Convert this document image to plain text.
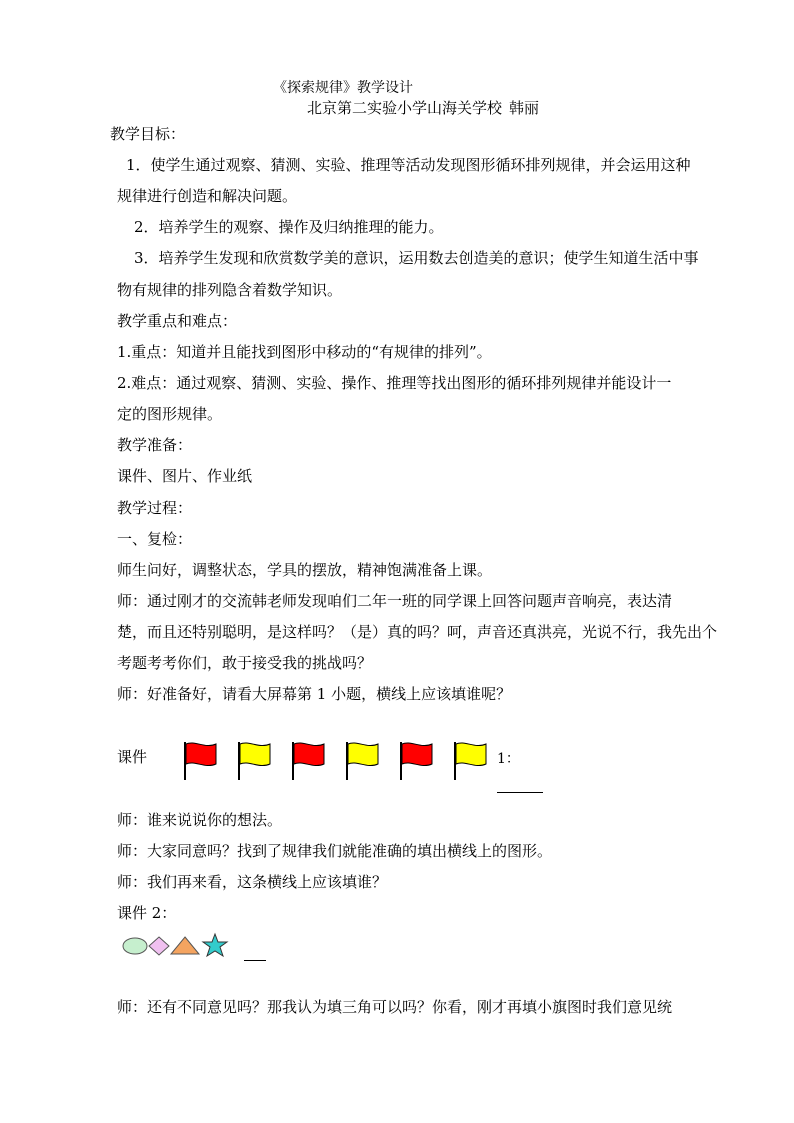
《探索规律》教学设计
北京第二实验小学山海关学校 韩丽
教学目标：
1．使学生通过观察、猜测、实验、推理等活动发现图形循环排列规律，并会运用这种
规律进行创造和解决问题。
2．培养学生的观察、操作及归纳推理的能力。
3．培养学生发现和欣赏数学美的意识，运用数去创造美的意识；使学生知道生活中事
物有规律的排列隐含着数学知识。
教学重点和难点：
1.重点：知道并且能找到图形中移动的“有规律的排列”。
2.难点：通过观察、猜测、实验、操作、推理等找出图形的循环排列规律并能设计一
定的图形规律。
教学准备：
课件、图片、作业纸
教学过程：
一、复检：
师生问好，调整状态，学具的摆放，精神饱满准备上课。
师：通过刚才的交流韩老师发现咱们二年一班的同学课上回答问题声音响亮，表达清
楚，而且还特别聪明，是这样吗？（是）真的吗？呵，声音还真洪亮，光说不行，我先出个
考题考考你们，敢于接受我的挑战吗？
师：好准备好，请看大屏幕第 1 小题，横线上应该填谁呢？
课件	1：
师：谁来说说你的想法。
师：大家同意吗？找到了规律我们就能准确的填出横线上的图形。
师：我们再来看，这条横线上应该填谁？
课件 2：
师：还有不同意见吗？那我认为填三角可以吗？你看，刚才再填小旗图时我们意见统
